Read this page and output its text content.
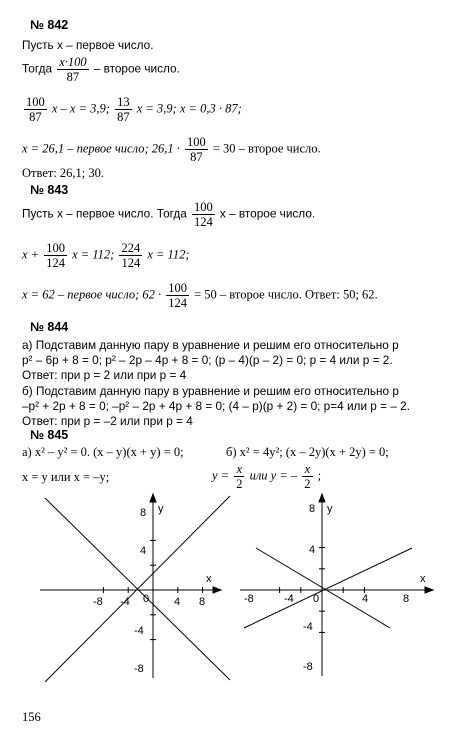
№ 842
Пусть x – первое число.
Тогда $\frac{x\cdot 100}{87}$ – второе число.
$\frac{100}{87}$ x – x = 3,9; $\frac{13}{87}$ x = 3,9; x = 0,3 · 87;
x = 26,1 – первое число; $26,1 \cdot \frac{100}{87} = 30$ – второе число.
Ответ: 26,1; 30.
№ 843
Пусть x – первое число. Тогда $\frac{100}{124}$ x – второе число.
$x + \frac{100}{124}$ x = 112; $\frac{224}{124}$ x = 112;
x = 62 – первое число; $62 \cdot \frac{100}{124} = 50$ – второе число. Ответ: 50; 62.
№ 844
а) Подставим данную пару в уравнение и решим его относительно p
p² – 6p + 8 = 0; p² – 2p – 4p + 8 = 0; (p – 4)(p – 2) = 0; p = 4 или p = 2.
Ответ: при p = 2 или при p = 4
б) Подставим данную пару в уравнение и решим его относительно p
–p² + 2p + 8 = 0; –p² – 2p + 4p + 8 = 0; (4 – p)(p + 2) = 0; p=4 или p = – 2.
Ответ: при p = –2 или при p = 4
№ 845
а) x² – y² = 0. (x – y)(x + y) = 0;	б) x² = 4y²; (x – 2y)(x + 2y) = 0;
x = y или x = –y;	$y = \frac{x}{2}$ или y = – $\frac{x}{2}$ ;
x
y
-8 -4 0 4 8
8
4
-4
-8
x
y
-8	-4 0	4	8
8
4
-4
-8
156
